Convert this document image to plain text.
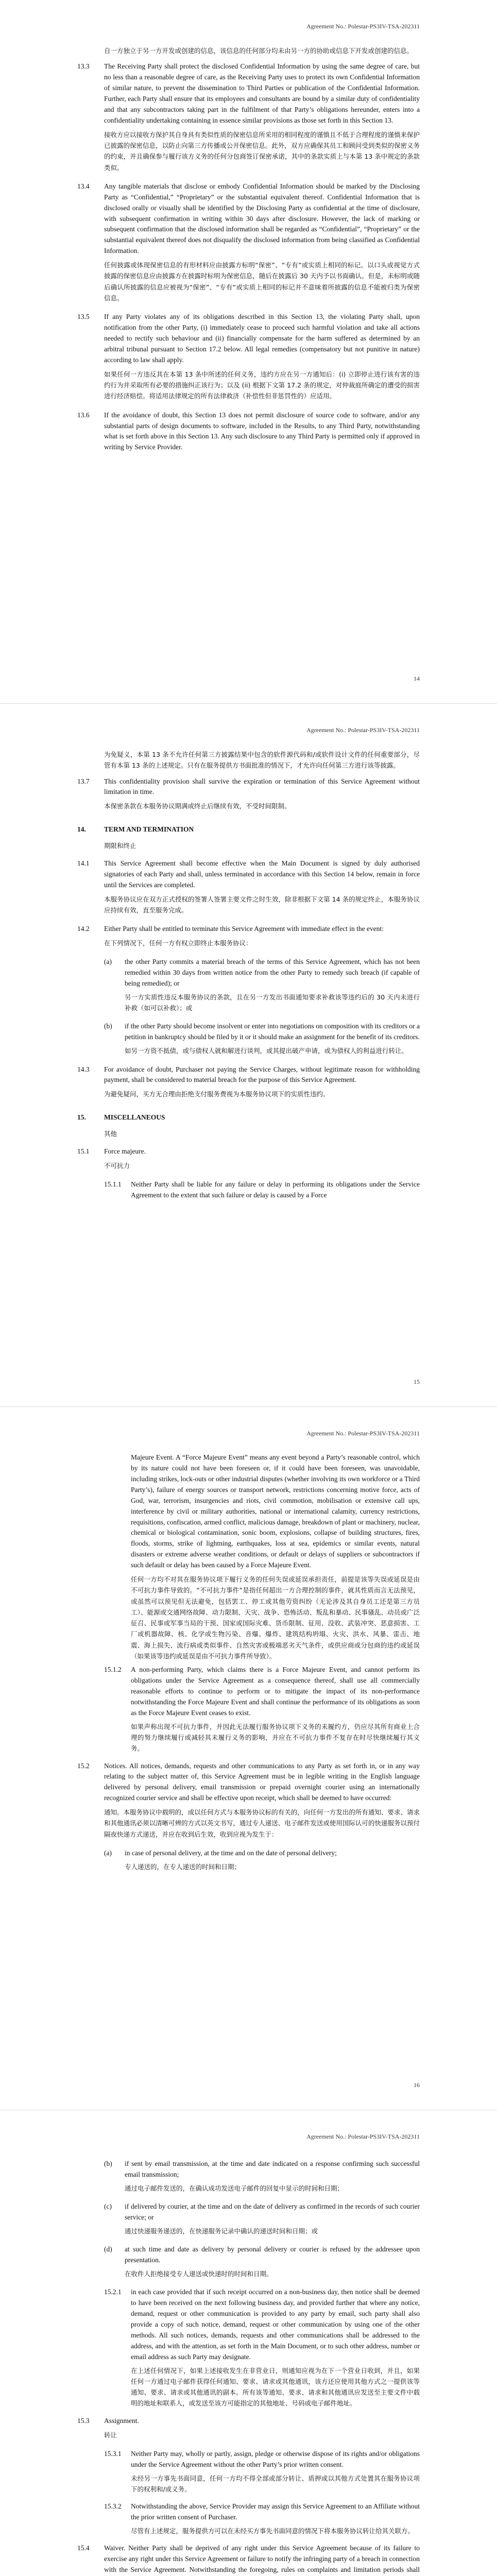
Agreement No.: Polestar-PS3IV-TSA-202311

自一方独立于另一方开发或创建的信息，该信息的任何部分均未由另一方的协助或信息下开发或创建的信息。

13.3	The Receiving Party shall protect the disclosed Confidential Information by using the same degree of care, but no less than a reasonable degree of care, as the Receiving Party uses to protect its own Confidential Information of similar nature, to prevent the dissemination to Third Parties or publication of the Confidential Information. Further, each Party shall ensure that its employees and consultants are bound by a similar duty of confidentiality and that any subcontractors taking part in the fulfilment of that Party’s obligations hereunder, enters into a confidentiality undertaking containing in essence similar provisions as those set forth in this Section 13.

接收方应以接收方保护其自身具有类似性质的保密信息所采用的相同程度的谨慎且不低于合理程度的谨慎来保护已披露的保密信息，以防止向第三方传播或公开保密信息。此外，双方应确保其员工和顾问受到类似的保密义务的约束，并且确保参与履行该方义务的任何分包商签订保密承诺，其中的条款实质上与本第 13 条中规定的条款类似。

13.4	Any tangible materials that disclose or embody Confidential Information should be marked by the Disclosing Party as “Confidential,” “Proprietary” or the substantial equivalent thereof. Confidential Information that is disclosed orally or visually shall be identified by the Disclosing Party as confidential at the time of disclosure, with subsequent confirmation in writing within 30 days after disclosure. However, the lack of marking or subsequent confirmation that the disclosed information shall be regarded as “Confidential”, “Proprietary” or the substantial equivalent thereof does not disqualify the disclosed information from being classified as Confidential Information.

任何披露或体现保密信息的有形材料应由披露方标明“保密”、“专有”或实质上相同的标记。以口头或视觉方式披露的保密信息应由披露方在披露时标明为保密信息，随后在披露后 30 天内予以书面确认。但是，未标明或随后确认所披露的信息应被视为“保密”、“专有”或实质上相同的标记并不意味着所披露的信息不能被归类为保密信息。

13.5	If any Party violates any of its obligations described in this Section 13, the violating Party shall, upon notification from the other Party, (i) immediately cease to proceed such harmful violation and take all actions needed to rectify such behaviour and (ii) financially compensate for the harm suffered as determined by an arbitral tribunal pursuant to Section 17.2 below. All legal remedies (compensatory but not punitive in nature) according to law shall apply.

如果任何一方违反其在本第 13 条中所述的任何义务，违约方应在另一方通知后：(i) 立即停止进行该有害的违约行为并采取所有必要的措施纠正该行为；以及 (ii) 根据下文第 17.2 条的规定，对仲裁庭所确定的遭受的损害进行经济赔偿。将适用法律规定的所有法律救济（补偿性但非惩罚性的）应适用。

13.6	If the avoidance of doubt, this Section 13 does not permit disclosure of source code to software, and/or any substantial parts of design documents to software, included in the Results, to any Third Party, notwithstanding what is set forth above in this Section 13. Any such disclosure to any Third Party is permitted only if approved in writing by Service Provider.

14
Agreement No.: Polestar-PS3IV-TSA-202311

为免疑义，本第 13 条不允许任何第三方披露结果中包含的软件源代码和/或软件设计文件的任何重要部分，尽管有本第 13 条的上述规定。只有在服务提供方书面批准的情况下，才允许向任何第三方进行该等披露。

13.7	This confidentiality provision shall survive the expiration or termination of this Service Agreement without limitation in time.

本保密条款在本服务协议期满或终止后继续有效，不受时间限制。

14.	TERM AND TERMINATION
期限和终止
14.1	This Service Agreement shall become effective when the Main Document is signed by duly authorised signatories of each Party and shall, unless terminated in accordance with this Section 14 below, remain in force until the Services are completed.

本服务协议应在双方正式授权的签署人签署主要文件之时生效，除非根据下文第 14 条的规定终止，本服务协议应持续有效，直至服务完成。

14.2	Either Party shall be entitled to terminate this Service Agreement with immediate effect in the event:

在下列情况下，任何一方有权立即终止本服务协议：

(a)	the other Party commits a material breach of the terms of this Service Agreement, which has not been remedied within 30 days from written notice from the other Party to remedy such breach (if capable of being remedied); or

另一方实质性违反本服务协议的条款，且在另一方发出书面通知要求补救该等违约后的 30 天内未进行补救（如可以补救）；或

(b)	if the other Party should become insolvent or enter into negotiations on composition with its creditors or a petition in bankruptcy should be filed by it or it should make an assignment for the benefit of its creditors.

如另一方资不抵债，或与债权人就和解进行谈判，或其提出破产申请，或为债权人的利益进行转让。

14.3	For avoidance of doubt, Purchaser not paying the Service Charges, without legitimate reason for withholding payment, shall be considered to material breach for the purpose of this Service Agreement.

为避免疑问，买方无合理由拒绝支付服务费视为本服务协议项下的实质性违约。

15.	MISCELLANEOUS
其他
15.1	Force majeure.

不可抗力

15.1.1	Neither Party shall be liable for any failure or delay in performing its obligations under the Service Agreement to the extent that such failure or delay is caused by a Force

15
Agreement No.: Polestar-PS3IV-TSA-202311

Majeure Event. A “Force Majeure Event” means any event beyond a Party’s reasonable control, which by its nature could not have been foreseen or, if it could have been foreseen, was unavoidable, including strikes, lock-outs or other industrial disputes (whether involving its own workforce or a Third Party’s), failure of energy sources or transport network, restrictions concerning motive force, acts of God, war, terrorism, insurgencies and riots, civil commotion, mobilisation or extensive call ups, interference by civil or military authorities, national or international calamity, currency restrictions, requisitions, confiscation, armed conflict, malicious damage, breakdown of plant or machinery, nuclear, chemical or biological contamination, sonic boom, explosions, collapse of building structures, fires, floods, storms, strike of lightning, earthquakes, loss at sea, epidemics or similar events, natural disasters or extreme adverse weather conditions, or default or delays of suppliers or subcontractors if such default or delay has been caused by a Force Majeure Event.

任何一方均不对其在服务协议项下履行义务的任何失误或延误承担责任，前提是该等失误或延误是由不可抗力事件导致的。“不可抗力事件”是指任何超出一方合理控制的事件，就其性质而言无法预见，或虽然可以预见但无法避免，包括罢工、停工或其他劳资纠纷（无论涉及其自身员工还是第三方员工）、能源或交通网络故障、动力限制、天灾、战争、恐怖活动、叛乱和暴动、民事骚乱、动员或广泛征召、民事或军事当局的干预、国家或国际灾难、货币限制、征用、没收、武装冲突、恶意损害、工厂或机器故障、核、化学或生物污染、音爆、爆炸、建筑结构坍塌、火灾、洪水、风暴、雷击、地震、海上损失、流行病或类似事件、自然灾害或极端恶劣天气条件，或供应商或分包商的违约或延误（如果该等违约或延误是由不可抗力事件所导致）。

15.1.2	A non-performing Party, which claims there is a Force Majeure Event, and cannot perform its obligations under the Service Agreement as a consequence thereof, shall use all commercially reasonable efforts to continue to perform or to mitigate the impact of its non-performance notwithstanding the Force Majeure Event and shall continue the performance of its obligations as soon as the Force Majeure Event ceases to exist.

如果声称出现不可抗力事件，并因此无法履行服务协议项下义务的未履约方，仍应尽其所有商业上合理的努力继续履行或减轻其未履行义务的影响，并应在不可抗力事件不复存在时尽快继续履行其义务。

15.2	Notices. All notices, demands, requests and other communications to any Party as set forth in, or in any way relating to the subject matter of, this Service Agreement must be in legible writing in the English language delivered by personal delivery, email transmission or prepaid overnight courier using an internationally recognized courier service and shall be effective upon receipt, which shall be deemed to have occurred:

通知。本服务协议中载明的，或以任何方式与本服务协议标的有关的，向任何一方发出的所有通知、要求、请求和其他通讯必须以清晰可辨的方式以英文书写，通过专人递送、电子邮件发送或使用国际认可的快递服务以预付隔夜快递方式递送，并应在收到后生效，收到应视为发生于：

(a)	in case of personal delivery, at the time and on the date of personal delivery;

专人递送的，在专人递送的时间和日期；

16
Agreement No.: Polestar-PS3IV-TSA-202311
(b)	if sent by email transmission, at the time and date indicated on a response confirming such successful email transmission;

通过电子邮件发送的，在确认成功发送电子邮件的回复中显示的时间和日期；

(c)	if delivered by courier, at the time and on the date of delivery as confirmed in the records of such courier service; or

通过快递服务递送的，在快递服务记录中确认的递送时间和日期；或

(d)	at such time and date as delivery by personal delivery or courier is refused by the addressee upon presentation.

在收件人拒绝接受专人递送或快递时的时间和日期。

15.2.1	in each case provided that if such receipt occurred on a non-business day, then notice shall be deemed to have been received on the next following business day, and provided further that where any notice, demand, request or other communication is provided to any party by email, such party shall also provide a copy of such notice, demand, request or other communication by using one of the other methods. All such notices, demands, requests and other communications shall be addressed to the address, and with the attention, as set forth in the Main Document, or to such other address, number or email address as such Party may designate.

在上述任何情况下，如果上述接收发生在非营业日，则通知应视为在下一个营业日收到，并且，如果任何一方通过电子邮件获得任何通知、要求、请求或其他通讯，该方还应使用其他方式之一提供该等通知、要求、请求或其他通讯的副本。所有该等通知、要求、请求和其他通讯应发送至主要文件中载明的地址和联系人，或发送至该方可能指定的其他地址、号码或电子邮件地址。

15.3	Assignment.

转让

15.3.1	Neither Party may, wholly or partly, assign, pledge or otherwise dispose of its rights and/or obligations under the Service Agreement without the other Party’s prior written consent.

未经另一方事先书面同意，任何一方均不得全部或部分转让、质押或以其他方式处置其在服务协议项下的权利和/或义务。

15.3.2	Notwithstanding the above, Service Provider may assign this Service Agreement to an Affiliate without the prior written consent of Purchaser.

尽管有上述规定，服务提供方可以在未经买方事先书面同意的情况下将本服务协议转让给其关联方。

15.4	Waiver. Neither Party shall be deprived of any right under this Service Agreement because of its failure to exercise any right under this Service Agreement or failure to notify the infringing party of a breach in connection with the Service Agreement. Notwithstanding the foregoing, rules on complaints and limitation periods shall
